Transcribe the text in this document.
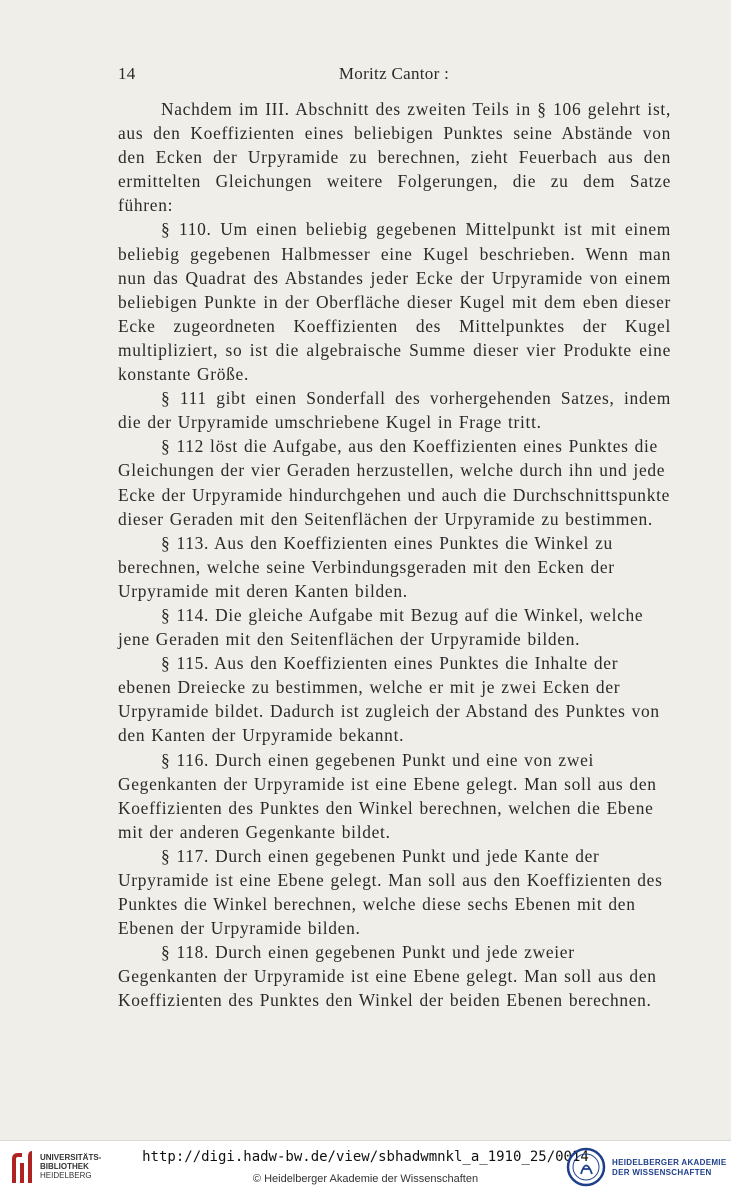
14	Moritz Cantor :

Nachdem im III. Abschnitt des zweiten Teils in § 106 gelehrt ist, aus den Koeffizienten eines beliebigen Punktes seine Abstände von den Ecken der Urpyramide zu berechnen, zieht Feuerbach aus den ermittelten Gleichungen weitere Folgerungen, die zu dem Satze führen:

§ 110. Um einen beliebig gegebenen Mittelpunkt ist mit einem beliebig gegebenen Halbmesser eine Kugel beschrieben. Wenn man nun das Quadrat des Abstandes jeder Ecke der Urpyramide von einem beliebigen Punkte in der Oberfläche dieser Kugel mit dem eben dieser Ecke zugeordneten Koeffizienten des Mittelpunktes der Kugel multipliziert, so ist die algebraische Summe dieser vier Produkte eine konstante Größe.

§ 111 gibt einen Sonderfall des vorhergehenden Satzes, indem die der Urpyramide umschriebene Kugel in Frage tritt.

§ 112 löst die Aufgabe, aus den Koeffizienten eines Punktes die Gleichungen der vier Geraden herzustellen, welche durch ihn und jede Ecke der Urpyramide hindurchgehen und auch die Durchschnittspunkte dieser Geraden mit den Seitenflächen der Urpyramide zu bestimmen.

§ 113. Aus den Koeffizienten eines Punktes die Winkel zu berechnen, welche seine Verbindungsgeraden mit den Ecken der Urpyramide mit deren Kanten bilden.

§ 114. Die gleiche Aufgabe mit Bezug auf die Winkel, welche jene Geraden mit den Seitenflächen der Urpyramide bilden.

§ 115. Aus den Koeffizienten eines Punktes die Inhalte der ebenen Dreiecke zu bestimmen, welche er mit je zwei Ecken der Urpyramide bildet. Dadurch ist zugleich der Abstand des Punktes von den Kanten der Urpyramide bekannt.

§ 116. Durch einen gegebenen Punkt und eine von zwei Gegenkanten der Urpyramide ist eine Ebene gelegt. Man soll aus den Koeffizienten des Punktes den Winkel berechnen, welchen die Ebene mit der anderen Gegenkante bildet.

§ 117. Durch einen gegebenen Punkt und jede Kante der Urpyramide ist eine Ebene gelegt. Man soll aus den Koeffizienten des Punktes die Winkel berechnen, welche diese sechs Ebenen mit den Ebenen der Urpyramide bilden.

§ 118. Durch einen gegebenen Punkt und jede zweier Gegenkanten der Urpyramide ist eine Ebene gelegt. Man soll aus den Koeffizienten des Punktes den Winkel der beiden Ebenen berechnen.

UNIVERSITÄTS-
BIBLIOTHEK
HEIDELBERG
http://digi.hadw-bw.de/view/sbhadwmnkl_a_1910_25/0014
© Heidelberger Akademie der Wissenschaften
HEIDELBERGER AKADEMIE
DER WISSENSCHAFTEN
